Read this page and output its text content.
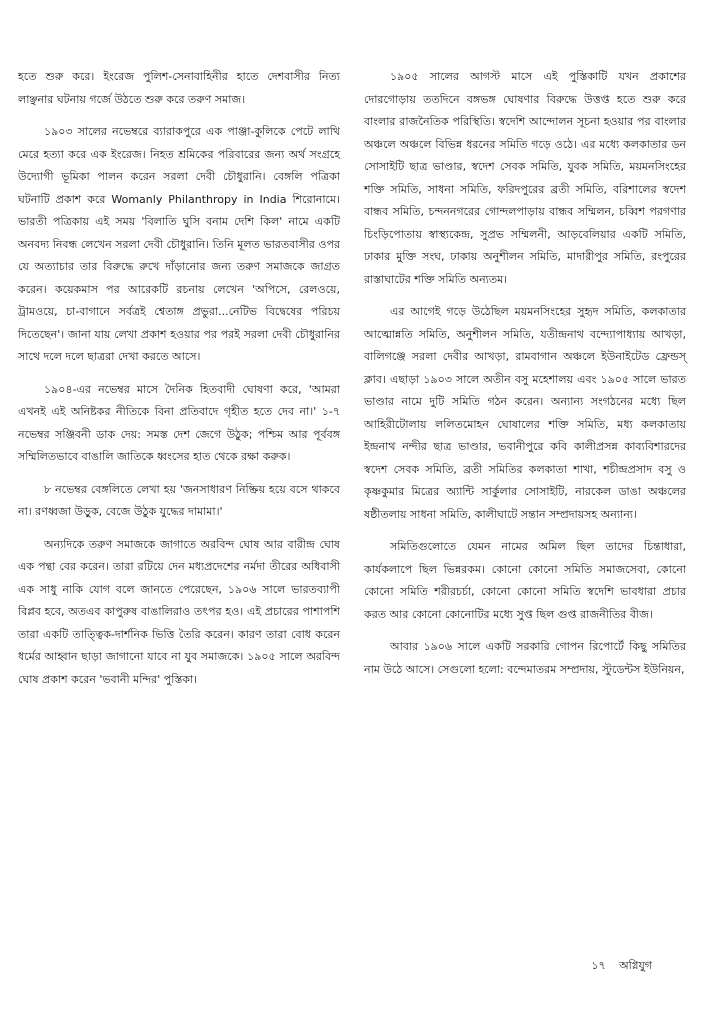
হতে শুরু করে। ইংরেজ পুলিশ-সেনাবাহিনীর হাতে দেশবাসীর নিত্য লাঞ্ছনার ঘটনায় গর্জে উঠতে শুরু করে তরুণ সমাজ।

১৯০৩ সালের নভেম্বরে ব্যারাকপুরে এক পাঞ্জা-কুলিকে পেটে লাথি মেরে হত্যা করে এক ইংরেজ। নিহত শ্রমিকের পরিবারের জন্য অর্থ সংগ্রহে উদ্যোগী ভূমিকা পালন করেন সরলা দেবী চৌধুরানি। বেঙ্গলি পত্রিকা ঘটনাটি প্রকাশ করে Womanly Philanthropy in India শিরোনামে। ভারতী পত্রিকায় এই সময় 'বিলাতি ঘুসি বনাম দেশি কিল' নামে একটি অনবদ্য নিবন্ধ লেখেন সরলা দেবী চৌধুরানি। তিনি মূলত ভারতবাসীর ওপর যে অত্যাচার তার বিরুদ্ধে রুখে দাঁড়ানোর জন্য তরুণ সমাজকে জাগ্রত করেন। কয়েকমাস পর আরেকটি রচনায় লেখেন 'অপিসে, রেলওয়ে, ট্রামওয়ে, চা-বাগানে সর্বত্রই শ্বেতাঙ্গ প্রভুরা...নেটিভ বিদ্বেষের পরিচয় দিতেছেন'। জানা যায় লেখা প্রকাশ হওয়ার পর পরই সরলা দেবী চৌধুরানির সাথে দলে দলে ছাত্ররা দেখা করতে আসে।

১৯০৪-এর নভেম্বর মাসে দৈনিক হিতবাদী ঘোষণা করে, 'আমরা এখনই এই অনিষ্টকর নীতিকে বিনা প্রতিবাদে গৃহীত হতে দেব না।' ১-৭ নভেম্বর সঞ্জিবনী ডাক দেয়: সমস্ত দেশ জেগে উঠুক; পশ্চিম আর পূর্ববঙ্গ সম্মিলিতভাবে বাঙালি জাতিকে ধ্বংসের হাত থেকে রক্ষা করুক।

৮ নভেম্বর বেঙ্গলিতে লেখা হয় 'জনসাধারণ নিষ্ক্রিয় হয়ে বসে থাকবে না। রণধ্বজা উড়ুক, বেজে উঠুক যুদ্ধের দামামা।'

অন্যদিকে তরুণ সমাজকে জাগাতে অরবিন্দ ঘোষ আর বারীন্দ্র ঘোষ এক পন্থা বের করেন। তারা রটিয়ে দেন মধ্যপ্রদেশের নর্মদা তীরের অধিবাসী এক সাধু নাকি যোগ বলে জানতে পেরেছেন, ১৯০৬ সালে ভারতব্যাপী বিপ্লব হবে, অতএব কাপুরুষ বাঙালিরাও তৎপর হও। এই প্রচারের পাশাপশি তারা একটি তাত্ত্বিক-দার্শনিক ভিত্তি তৈরি করেন। কারণ তারা বোধ করেন ধর্মের আহ্বান ছাড়া জাগানো যাবে না যুব সমাজকে। ১৯০৫ সালে অরবিন্দ ঘোষ প্রকাশ করেন 'ভবানী মন্দির' পুস্তিকা।

১৯০৫ সালের আগস্ট মাসে এই পুস্তিকাটি যখন প্রকাশের দোরগোড়ায় ততদিনে বঙ্গভঙ্গ ঘোষণার বিরুদ্ধে উত্তপ্ত হতে শুরু করে বাংলার রাজনৈতিক পরিস্থিতি। স্বদেশি আন্দোলন সূচনা হওয়ার পর বাংলার অঞ্চলে অঞ্চলে বিভিন্ন ধরনের সমিতি গড়ে ওঠে। এর মধ্যে কলকাতার ডন সোসাইটি ছাত্র ভাণ্ডার, স্বদেশ সেবক সমিতি, যুবক সমিতি, ময়মনসিংহের শক্তি সমিতি, সাধনা সমিতি, ফরিদপুরের ব্রতী সমিতি, বরিশালের স্বদেশ বান্ধব সমিতি, চন্দননগরের গোন্দলপাড়ায় বান্ধব সম্মিলন, চব্বিশ পরগণার চিংড়িপোতায় স্বাস্থ্যকেন্দ্র, সুপ্রভ সম্মিলনী, আড়বেলিয়ার একটি সমিতি, ঢাকার মুক্তি সংঘ, ঢাকায় অনুশীলন সমিতি, মাদারীপুর সমিতি, রংপুরের রাস্তাঘাটের শক্তি সমিতি অন্যতম।

এর আগেই গড়ে উঠেছিল ময়মনসিংহের সুহৃদ সমিতি, কলকাতার আত্মোন্নতি সমিতি, অনুশীলন সমিতি, যতীন্দ্রনাথ বন্দ্যোপাধ্যায় আখড়া, বালিগঞ্জে সরলা দেবীর আখড়া, রামবাগান অঞ্চলে ইউনাইটেড ফ্রেন্ডস্ ক্লাব। এছাড়া ১৯০৩ সালে অতীন বসু মহেশালয় এবং ১৯০৫ সালে ভারত ভাণ্ডার নামে দুটি সমিতি গঠন করেন। অন্যান্য সংগঠনের মধ্যে ছিল আহিরীটোলায় ললিতমোহন ঘোষালের শক্তি সমিতি, মধ্য কলকাতায় ইন্দ্রনাথ নন্দীর ছাত্র ভাণ্ডার, ভবানীপুরে কবি কালীপ্রসন্ন কাব্যবিশারদের স্বদেশ সেবক সমিতি, ব্রতী সমিতির কলকাতা শাখা, শচীন্দ্রপ্রসাদ বসু ও কৃষ্ণকুমার মিত্রের অ্যান্টি সার্কুলার সোসাইটি, নারকেল ডাঙা অঞ্চলের ষষ্ঠীতলায় সাধনা সমিতি, কালীঘাটে সন্তান সম্প্রদায়সহ অন্যান্য।

সমিতিগুলোতে যেমন নামের অমিল ছিল তাদের চিন্তাধারা, কার্যকলাপে ছিল ভিন্নরকম। কোনো কোনো সমিতি সমাজসেবা, কোনো কোনো সমিতি শরীরচর্চা, কোনো কোনো সমিতি স্বদেশি ভাবধারা প্রচার করত আর কোনো কোনোটির মধ্যে সুপ্ত ছিল গুপ্ত রাজনীতির বীজ।

আবার ১৯০৬ সালে একটি সরকারি গোপন রিপোর্টে কিছু সমিতির নাম উঠে আসে। সেগুলো হলো: বন্দেমাতরম সম্প্রদায়, স্টুডেন্টস ইউনিয়ন,

১৭ অগ্নিযুগ
